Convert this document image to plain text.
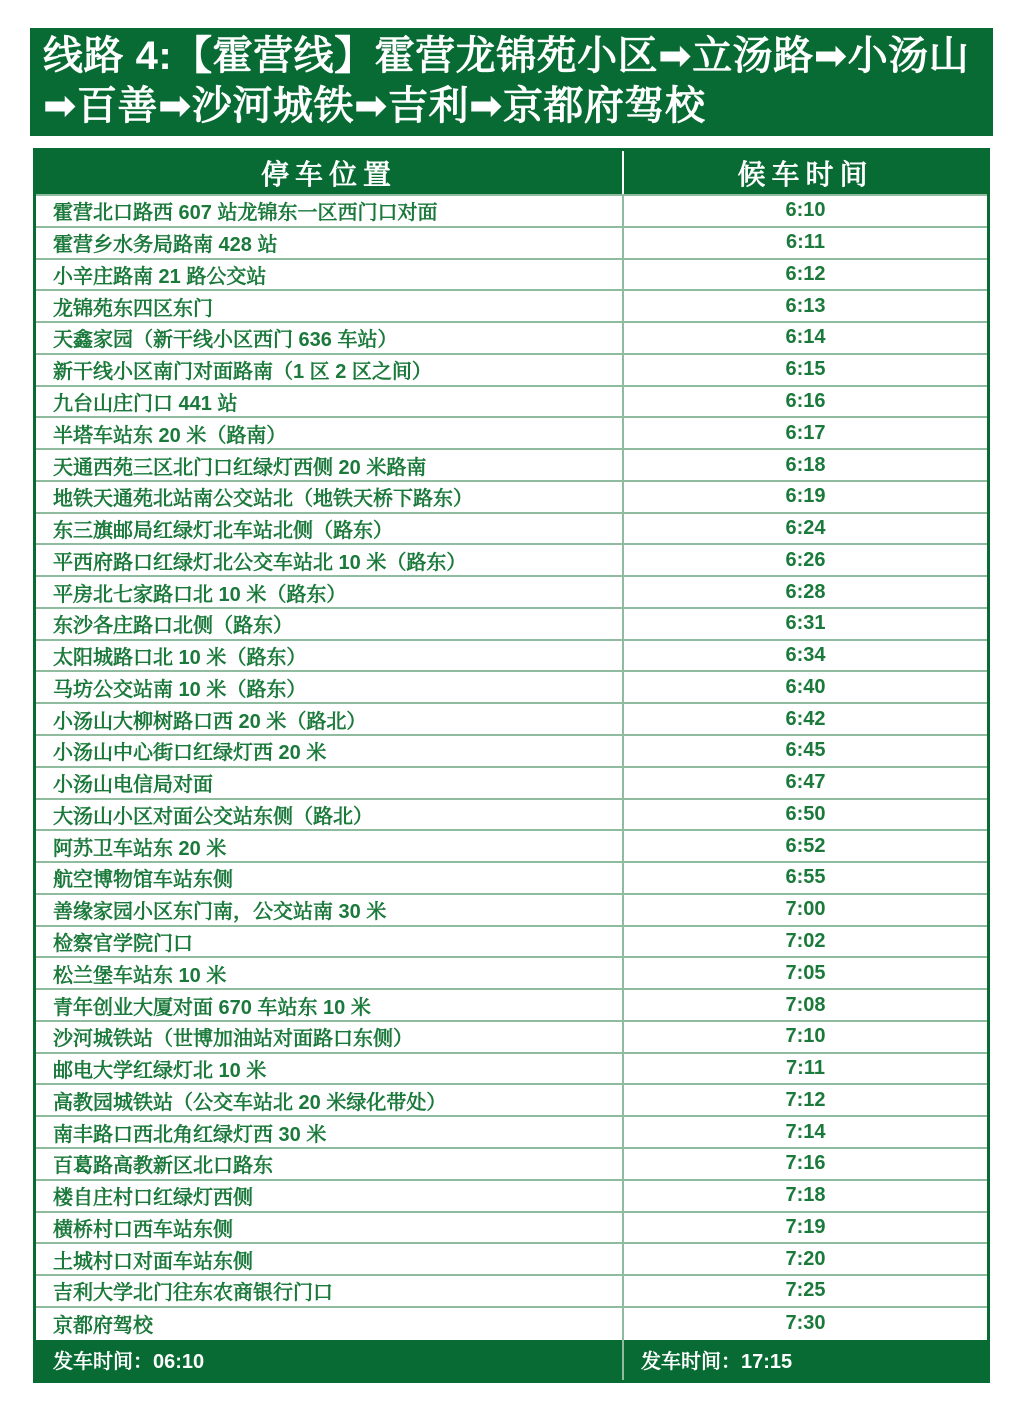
线路 4:【霍营线】霍营龙锦苑小区➡立汤路➡小汤山➡百善➡沙河城铁➡吉利➡京都府驾校
停车位置	候车时间
霍营北口路西 607 站龙锦东一区西门口对面	6:10
霍营乡水务局路南 428 站	6:11
小辛庄路南 21 路公交站	6:12
龙锦苑东四区东门	6:13
天鑫家园（新干线小区西门 636 车站）	6:14
新干线小区南门对面路南（1 区 2 区之间）	6:15
九台山庄门口 441 站	6:16
半塔车站东 20 米（路南）	6:17
天通西苑三区北门口红绿灯西侧 20 米路南	6:18
地铁天通苑北站南公交站北（地铁天桥下路东）	6:19
东三旗邮局红绿灯北车站北侧（路东）	6:24
平西府路口红绿灯北公交车站北 10 米（路东）	6:26
平房北七家路口北 10 米（路东）	6:28
东沙各庄路口北侧（路东）	6:31
太阳城路口北 10 米（路东）	6:34
马坊公交站南 10 米（路东）	6:40
小汤山大柳树路口西 20 米（路北）	6:42
小汤山中心街口红绿灯西 20 米	6:45
小汤山电信局对面	6:47
大汤山小区对面公交站东侧（路北）	6:50
阿苏卫车站东 20 米	6:52
航空博物馆车站东侧	6:55
善缘家园小区东门南，公交站南 30 米	7:00
检察官学院门口	7:02
松兰堡车站东 10 米	7:05
青年创业大厦对面 670 车站东 10 米	7:08
沙河城铁站（世博加油站对面路口东侧）	7:10
邮电大学红绿灯北 10 米	7:11
高教园城铁站（公交车站北 20 米绿化带处）	7:12
南丰路口西北角红绿灯西 30 米	7:14
百葛路高教新区北口路东	7:16
楼自庄村口红绿灯西侧	7:18
横桥村口西车站东侧	7:19
土城村口对面车站东侧	7:20
吉利大学北门往东农商银行门口	7:25
京都府驾校	7:30
发车时间：06:10	发车时间：17:15
